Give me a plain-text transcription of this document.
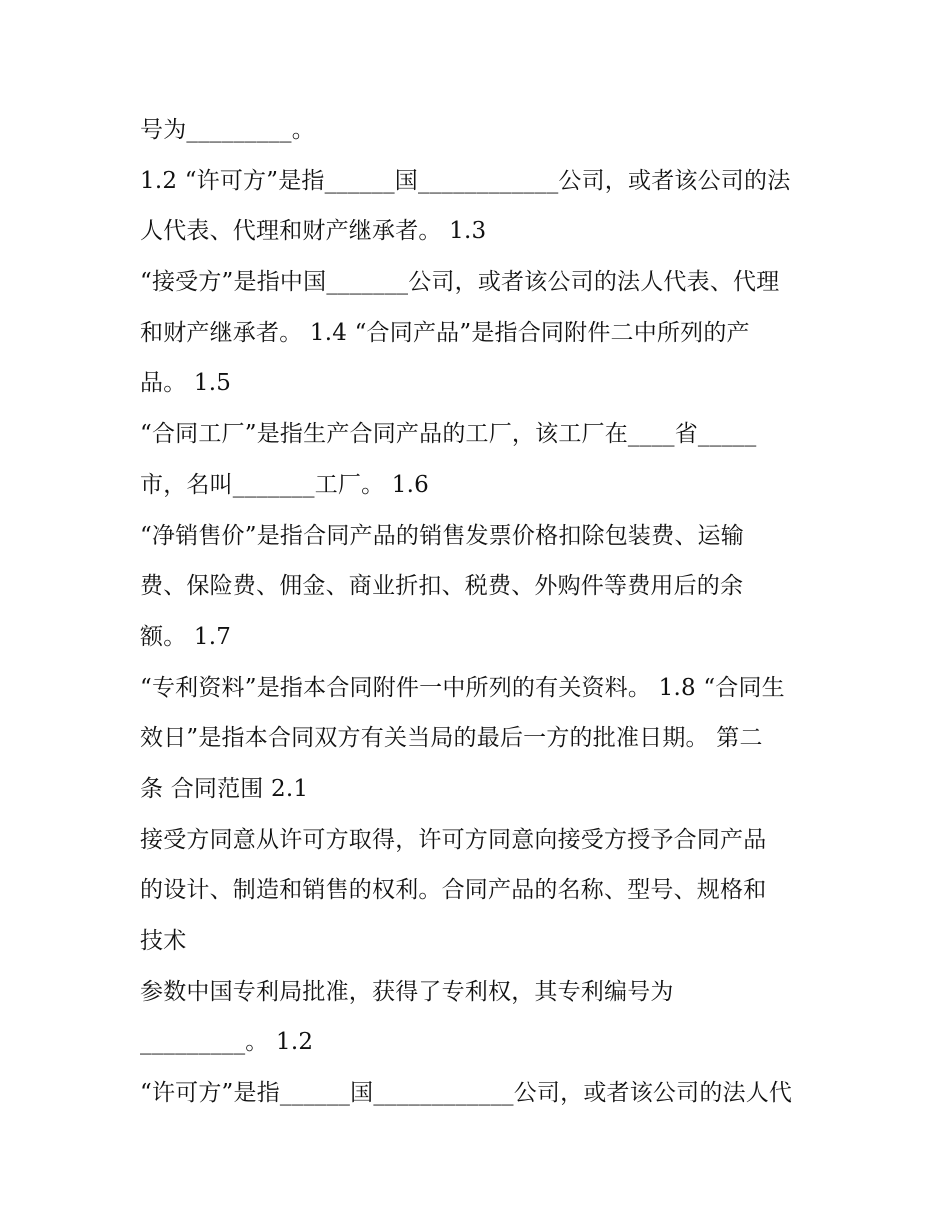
号为_________。
1.2 “许可方”是指______国____________公司，或者该公司的法
人代表、代理和财产继承者。 1.3
“接受方”是指中国_______公司，或者该公司的法人代表、代理
和财产继承者。 1.4 “合同产品”是指合同附件二中所列的产
品。 1.5
“合同工厂”是指生产合同产品的工厂，该工厂在____省_____
市，名叫_______工厂。 1.6
“净销售价”是指合同产品的销售发票价格扣除包装费、运输
费、保险费、佣金、商业折扣、税费、外购件等费用后的余
额。 1.7
“专利资料”是指本合同附件一中所列的有关资料。 1.8 “合同生
效日”是指本合同双方有关当局的最后一方的批准日期。 第二
条 合同范围 2.1
接受方同意从许可方取得，许可方同意向接受方授予合同产品
的设计、制造和销售的权利。合同产品的名称、型号、规格和
技术
参数中国专利局批准，获得了专利权，其专利编号为
_________。 1.2
“许可方”是指______国____________公司，或者该公司的法人代
